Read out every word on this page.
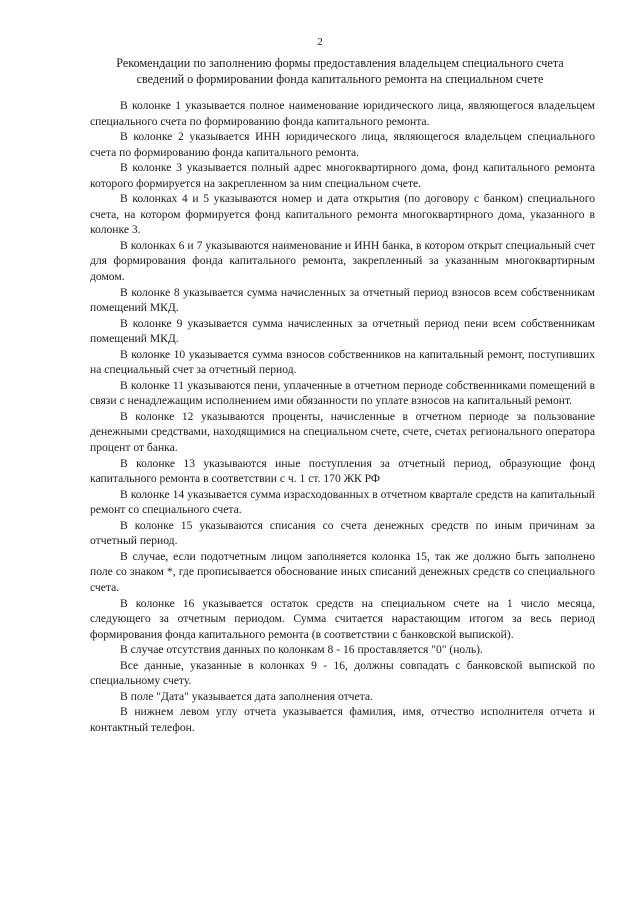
2
Рекомендации по заполнению формы предоставления владельцем специального счета
сведений о формировании фонда капитального ремонта на специальном счете

В колонке 1 указывается полное наименование юридического лица, являющегося владельцем специального счета по формированию фонда капитального ремонта.

В колонке 2 указывается ИНН юридического лица, являющегося владельцем специального счета по формированию фонда капитального ремонта.

В колонке 3 указывается полный адрес многоквартирного дома, фонд капитального ремонта которого формируется на закрепленном за ним специальном счете.

В колонках 4 и 5 указываются номер и дата открытия (по договору с банком) специального счета, на котором формируется фонд капитального ремонта многоквартирного дома, указанного в колонке 3.

В колонках 6 и 7 указываются наименование и ИНН банка, в котором открыт специальный счет для формирования фонда капитального ремонта, закрепленный за указанным многоквартирным домом.

В колонке 8 указывается сумма начисленных за отчетный период взносов всем собственникам помещений МКД.

В колонке 9 указывается сумма начисленных за отчетный период пени всем собственникам помещений МКД.

В колонке 10 указывается сумма взносов собственников на капитальный ремонт, поступивших на специальный счет за отчетный период.

В колонке 11 указываются пени, уплаченные в отчетном периоде собственниками помещений в связи с ненадлежащим исполнением ими обязанности по уплате взносов на капитальный ремонт.

В колонке 12 указываются проценты, начисленные в отчетном периоде за пользование денежными средствами, находящимися на специальном счете, счете, счетах регионального оператора процент от банка.

В колонке 13 указываются иные поступления за отчетный период, образующие фонд капитального ремонта в соответствии с ч. 1 ст. 170 ЖК РФ

В колонке 14 указывается сумма израсходованных в отчетном квартале средств на капитальный ремонт со специального счета.

В колонке 15 указываются списания со счета денежных средств по иным причинам за отчетный период.

В случае, если подотчетным лицом заполняется колонка 15, так же должно быть заполнено поле со знаком *, где прописывается обоснование иных списаний денежных средств со специального счета.

В колонке 16 указывается остаток средств на специальном счете на 1 число месяца, следующего за отчетным периодом. Сумма считается нарастающим итогом за весь период формирования фонда капитального ремонта (в соответствии с банковской выпиской).

В случае отсутствия данных по колонкам 8 - 16 проставляется "0" (ноль).

Все данные, указанные в колонках 9 - 16, должны совпадать с банковской выпиской по специальному счету.

В поле "Дата" указывается дата заполнения отчета.

В нижнем левом углу отчета указывается фамилия, имя, отчество исполнителя отчета и контактный телефон.
